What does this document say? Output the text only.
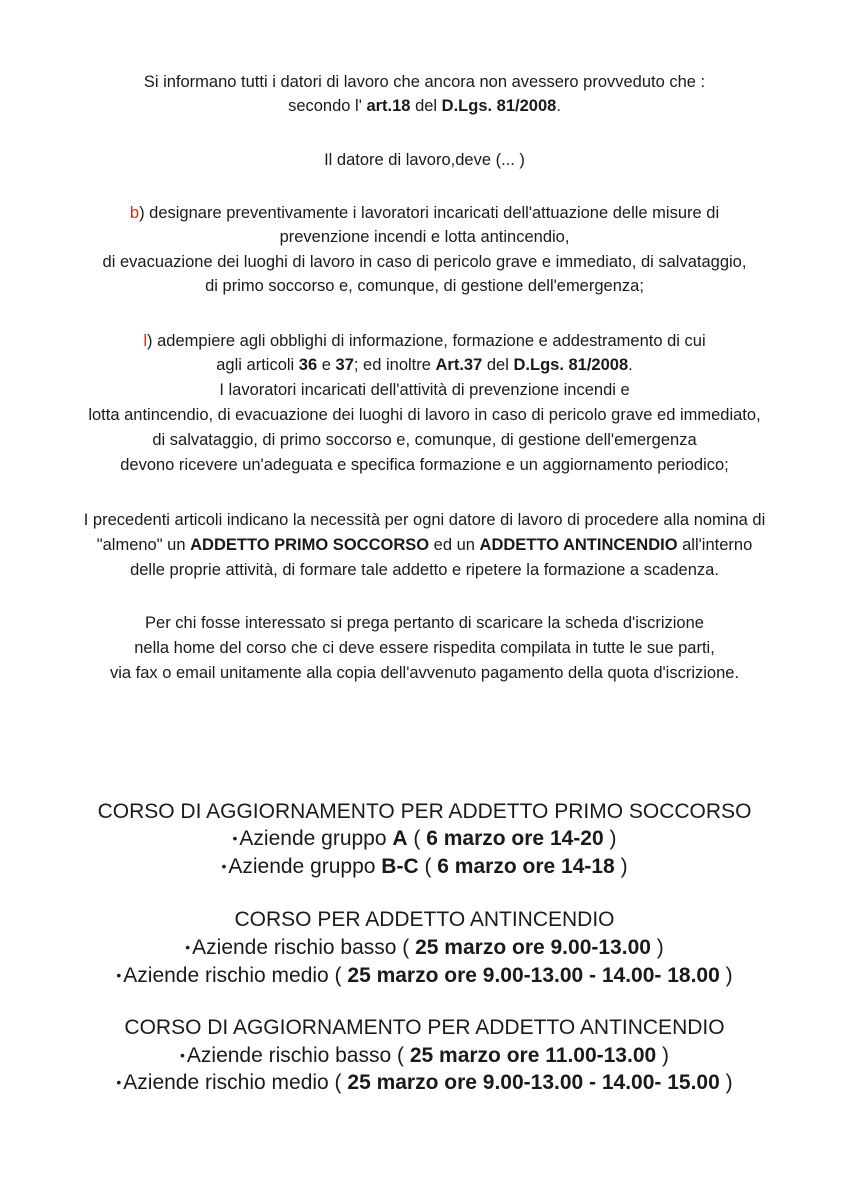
Si informano tutti i datori di lavoro che ancora non avessero provveduto che :
secondo l' art.18 del D.Lgs. 81/2008.
Il datore di lavoro,deve (... )
b) designare preventivamente i lavoratori incaricati dell'attuazione delle misure di
prevenzione incendi e lotta antincendio,
di evacuazione dei luoghi di lavoro in caso di pericolo grave e immediato, di salvataggio,
di primo soccorso e, comunque, di gestione dell'emergenza;
l) adempiere agli obblighi di informazione, formazione e addestramento di cui
agli articoli 36 e 37; ed inoltre Art.37 del D.Lgs. 81/2008.
I lavoratori incaricati dell'attività di prevenzione incendi e
lotta antincendio, di evacuazione dei luoghi di lavoro in caso di pericolo grave ed immediato,
di salvataggio, di primo soccorso e, comunque, di gestione dell'emergenza
devono ricevere un'adeguata e specifica formazione e un aggiornamento periodico;
I precedenti articoli indicano la necessità per ogni datore di lavoro di procedere alla nomina di
"almeno" un ADDETTO PRIMO SOCCORSO ed un ADDETTO ANTINCENDIO all'interno
delle proprie attività, di formare tale addetto e ripetere la formazione a scadenza.
Per chi fosse interessato si prega pertanto di scaricare la scheda d'iscrizione
nella home del corso che ci deve essere rispedita compilata in tutte le sue parti,
via fax o email unitamente alla copia dell'avvenuto pagamento della quota d'iscrizione.
CORSO DI AGGIORNAMENTO PER ADDETTO PRIMO SOCCORSO
•Aziende gruppo A ( 6 marzo ore 14-20 )
•Aziende gruppo B-C ( 6 marzo ore 14-18 )
CORSO PER ADDETTO ANTINCENDIO
•Aziende rischio basso ( 25 marzo ore 9.00-13.00 )
•Aziende rischio medio ( 25 marzo ore 9.00-13.00 - 14.00- 18.00 )
CORSO DI AGGIORNAMENTO PER ADDETTO ANTINCENDIO
•Aziende rischio basso ( 25 marzo ore 11.00-13.00 )
•Aziende rischio medio ( 25 marzo ore 9.00-13.00 - 14.00- 15.00 )
